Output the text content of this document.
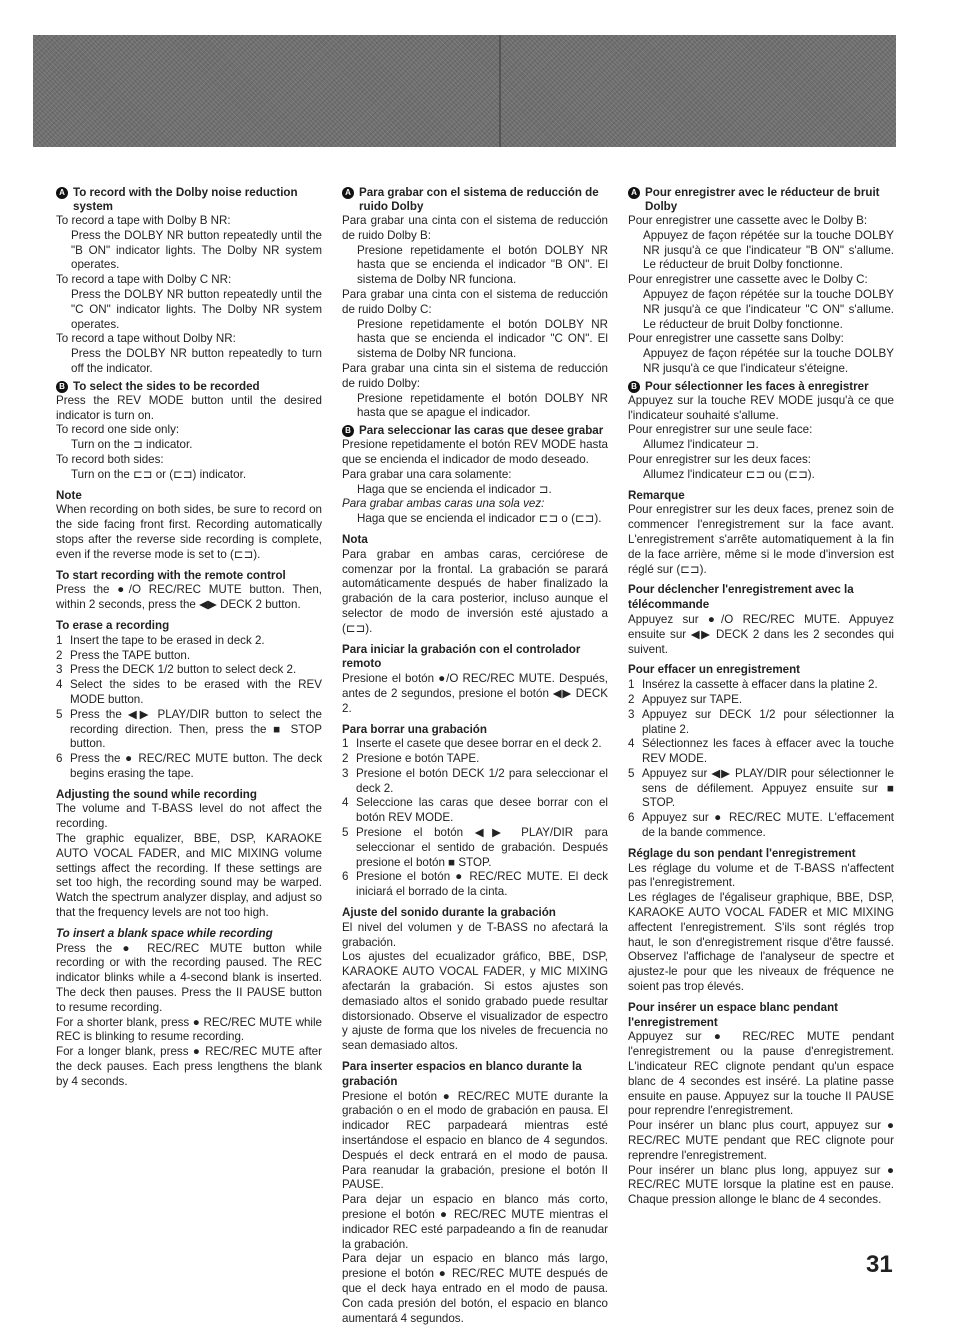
A To record with the Dolby noise reduction system

To record a tape with Dolby B NR:

Press the DOLBY NR button repeatedly until the "B ON" indicator lights. The Dolby NR system operates.

To record a tape with Dolby C NR:

Press the DOLBY NR button repeatedly until the "C ON" indicator lights. The Dolby NR system operates.

To record a tape without Dolby NR:

Press the DOLBY NR button repeatedly to turn off the indicator.

B To select the sides to be recorded

Press the REV MODE button until the desired indicator is turn on.

To record one side only:

Turn on the ⊐ indicator.

To record both sides:

Turn on the ⊏⊐ or (⊏⊐) indicator.

Note

When recording on both sides, be sure to record on the side facing front first. Recording automatically stops after the reverse side recording is complete, even if the reverse mode is set to (⊏⊐).

To start recording with the remote control

Press the ●/O REC/REC MUTE button. Then, within 2 seconds, press the ◀▶ DECK 2 button.

To erase a recording
1 Insert the tape to be erased in deck 2.
2 Press the TAPE button.
3 Press the DECK 1/2 button to select deck 2.
4 Select the sides to be erased with the REV MODE button.
5 Press the ◀▶ PLAY/DIR button to select the recording direction. Then, press the ■ STOP button.
6 Press the ● REC/REC MUTE button. The deck begins erasing the tape.
Adjusting the sound while recording

The volume and T-BASS level do not affect the recording.

The graphic equalizer, BBE, DSP, KARAOKE AUTO VOCAL FADER, and MIC MIXING volume settings affect the recording. If these settings are set too high, the recording sound may be warped. Watch the spectrum analyzer display, and adjust so that the frequency levels are not too high.

To insert a blank space while recording

Press the ● REC/REC MUTE button while recording or with the recording paused. The REC indicator blinks while a 4-second blank is inserted. The deck then pauses. Press the II PAUSE button to resume recording.

For a shorter blank, press ● REC/REC MUTE while REC is blinking to resume recording.

For a longer blank, press ● REC/REC MUTE after the deck pauses. Each press lengthens the blank by 4 seconds.

A Para grabar con el sistema de reducción de ruido Dolby

Para grabar una cinta con el sistema de reducción de ruido Dolby B:

Presione repetidamente el botón DOLBY NR hasta que se encienda el indicador "B ON". El sistema de Dolby NR funciona.

Para grabar una cinta con el sistema de reducción de ruido Dolby C:

Presione repetidamente el botón DOLBY NR hasta que se encienda el indicador "C ON". El sistema de Dolby NR funciona.

Para grabar una cinta sin el sistema de reducción de ruido Dolby:

Presione repetidamente el botón DOLBY NR hasta que se apague el indicador.

B Para seleccionar las caras que desee grabar

Presione repetidamente el botón REV MODE hasta que se encienda el indicador de modo deseado.

Para grabar una cara solamente:

Haga que se encienda el indicador ⊐.

Para grabar ambas caras una sola vez:

Haga que se encienda el indicador ⊏⊐ o (⊏⊐).

Nota

Para grabar en ambas caras, cerciórese de comenzar por la frontal. La grabación se parará automáticamente después de haber finalizado la grabación de la cara posterior, incluso aunque el selector de modo de inversión esté ajustado a (⊏⊐).

Para iniciar la grabación con el controlador remoto

Presione el botón ●/O REC/REC MUTE. Después, antes de 2 segundos, presione el botón ◀▶ DECK 2.

Para borrar una grabación
1 Inserte el casete que desee borrar en el deck 2.
2 Presione e botón TAPE.
3 Presione el botón DECK 1/2 para seleccionar el deck 2.
4 Seleccione las caras que desee borrar con el botón REV MODE.
5 Presione el botón ◀▶ PLAY/DIR para seleccionar el sentido de grabación. Después presione el botón ■ STOP.
6 Presione el botón ● REC/REC MUTE. El deck iniciará el borrado de la cinta.
Ajuste del sonido durante la grabación

El nivel del volumen y de T-BASS no afectará la grabación.

Los ajustes del ecualizador gráfico, BBE, DSP, KARAOKE AUTO VOCAL FADER, y MIC MIXING afectarán la grabación. Si estos ajustes son demasiado altos el sonido grabado puede resultar distorsionado. Observe el visualizador de espectro y ajuste de forma que los niveles de frecuencia no sean demasiado altos.

Para inserter espacios en blanco durante la grabación

Presione el botón ● REC/REC MUTE durante la grabación o en el modo de grabación en pausa. El indicador REC parpadeará mientras esté insertándose el espacio en blanco de 4 segundos. Después el deck entrará en el modo de pausa. Para reanudar la grabación, presione el botón II PAUSE.

Para dejar un espacio en blanco más corto, presione el botón ● REC/REC MUTE mientras el indicador REC esté parpadeando a fin de reanudar la grabación.

Para dejar un espacio en blanco más largo, presione el botón ● REC/REC MUTE después de que el deck haya entrado en el modo de pausa. Con cada presión del botón, el espacio en blanco aumentará 4 segundos.

A Pour enregistrer avec le réducteur de bruit Dolby

Pour enregistrer une cassette avec le Dolby B:

Appuyez de façon répétée sur la touche DOLBY NR jusqu'à ce que l'indicateur "B ON" s'allume. Le réducteur de bruit Dolby fonctionne.

Pour enregistrer une cassette avec le Dolby C:

Appuyez de façon répétée sur la touche DOLBY NR jusqu'à ce que l'indicateur "C ON" s'allume. Le réducteur de bruit Dolby fonctionne.

Pour enregistrer une cassette sans Dolby:

Appuyez de façon répétée sur la touche DOLBY NR jusqu'à ce que l'indicateur s'éteigne.

B Pour sélectionner les faces à enregistrer

Appuyez sur la touche REV MODE jusqu'à ce que l'indicateur souhaité s'allume.

Pour enregistrer sur une seule face:

Allumez l'indicateur ⊐.

Pour enregistrer sur les deux faces:

Allumez l'indicateur ⊏⊐ ou (⊏⊐).

Remarque

Pour enregistrer sur les deux faces, prenez soin de commencer l'enregistrement sur la face avant. L'enregistrement s'arrête automatiquement à la fin de la face arrière, même si le mode d'inversion est réglé sur (⊏⊐).

Pour déclencher l'enregistrement avec la télécommande

Appuyez sur ●/O REC/REC MUTE. Appuyez ensuite sur ◀▶ DECK 2 dans les 2 secondes qui suivent.

Pour effacer un enregistrement
1 Insérez la cassette à effacer dans la platine 2.
2 Appuyez sur TAPE.
3 Appuyez sur DECK 1/2 pour sélectionner la platine 2.
4 Sélectionnez les faces à effacer avec la touche REV MODE.
5 Appuyez sur ◀▶ PLAY/DIR pour sélectionner le sens de défilement. Appuyez ensuite sur ■ STOP.
6 Appuyez sur ● REC/REC MUTE. L'effacement de la bande commence.
Réglage du son pendant l'enregistrement

Les réglage du volume et de T-BASS n'affectent pas l'enregistrement.

Les réglages de l'égaliseur graphique, BBE, DSP, KARAOKE AUTO VOCAL FADER et MIC MIXING affectent l'enregistrement. S'ils sont réglés trop haut, le son d'enregistrement risque d'être faussé. Observez l'affichage de l'analyseur de spectre et ajustez-le pour que les niveaux de fréquence ne soient pas trop élevés.

Pour insérer un espace blanc pendant l'enregistrement

Appuyez sur ● REC/REC MUTE pendant l'enregistrement ou la pause d'enregistrement. L'indicateur REC clignote pendant qu'un espace blanc de 4 secondes est inséré. La platine passe ensuite en pause. Appuyez sur la touche II PAUSE pour reprendre l'enregistrement.

Pour insérer un blanc plus court, appuyez sur ● REC/REC MUTE pendant que REC clignote pour reprendre l'enregistrement.

Pour insérer un blanc plus long, appuyez sur ● REC/REC MUTE lorsque la platine est en pause. Chaque pression allonge le blanc de 4 secondes.

31
